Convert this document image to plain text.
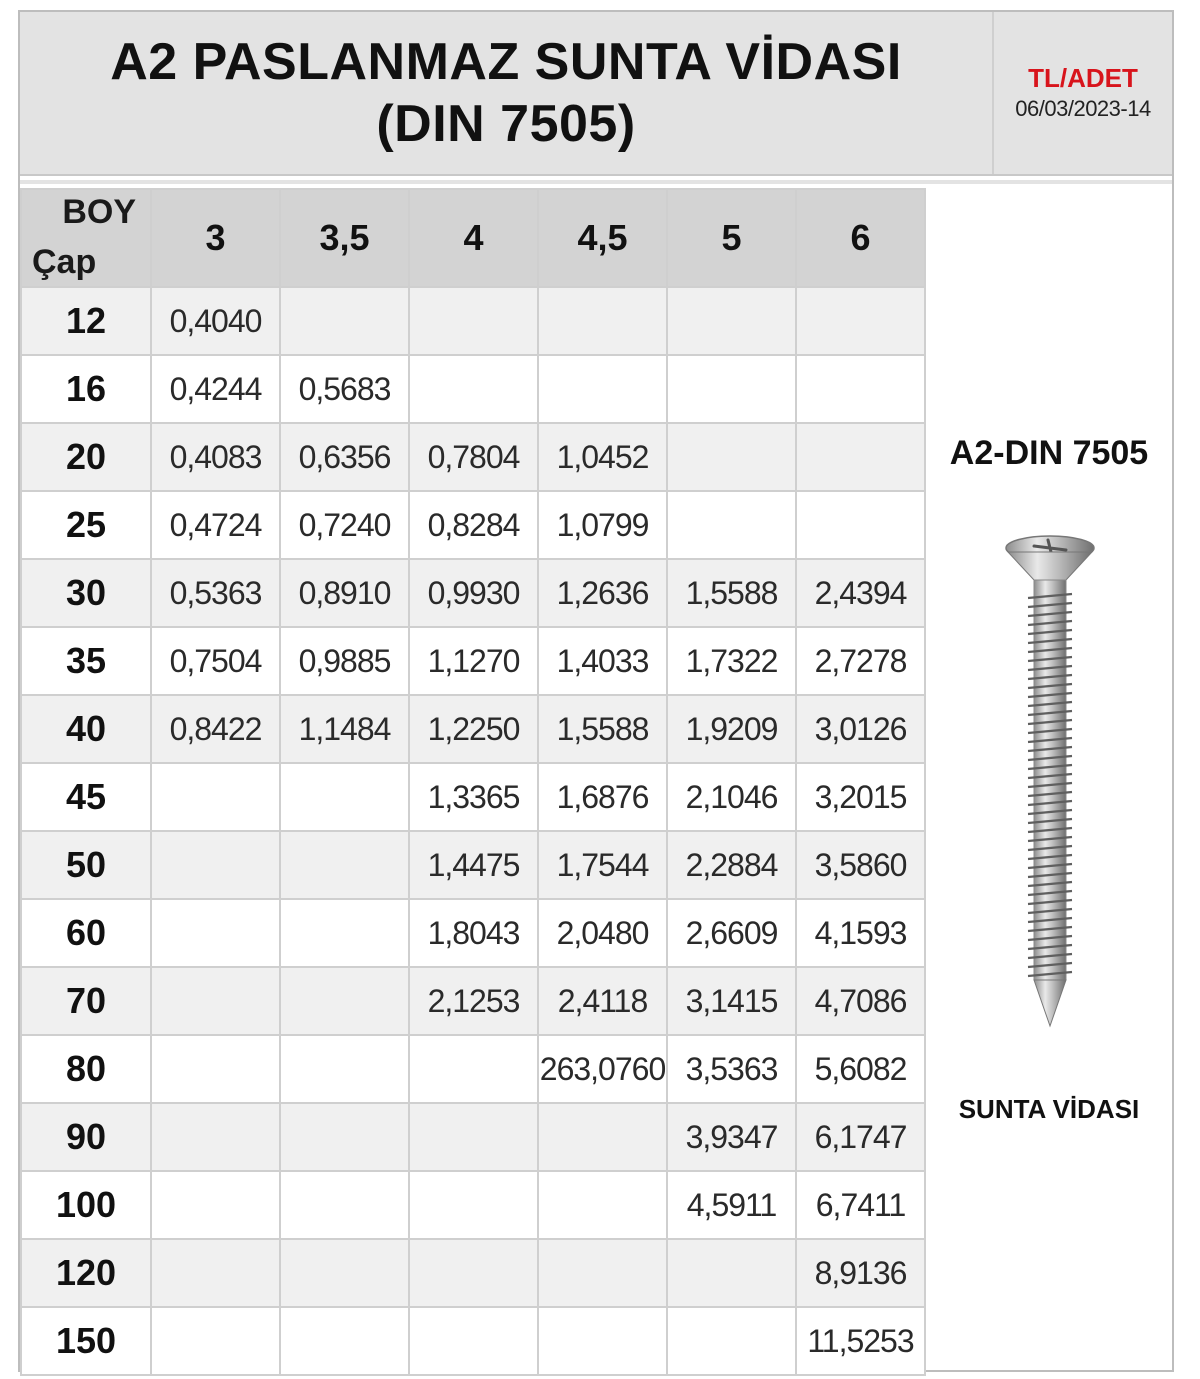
A2 PASLANMAZ SUNTA VİDASI
(DIN 7505)
TL/ADET
06/03/2023-14
BOY
Çap	3	3,5	4	4,5	5	6
12	0,4040					
16	0,4244	0,5683				
20	0,4083	0,6356	0,7804	1,0452		
25	0,4724	0,7240	0,8284	1,0799		
30	0,5363	0,8910	0,9930	1,2636	1,5588	2,4394
35	0,7504	0,9885	1,1270	1,4033	1,7322	2,7278
40	0,8422	1,1484	1,2250	1,5588	1,9209	3,0126
45			1,3365	1,6876	2,1046	3,2015
50			1,4475	1,7544	2,2884	3,5860
60			1,8043	2,0480	2,6609	4,1593
70			2,1253	2,4118	3,1415	4,7086
80				263,0760	3,5363	5,6082
90					3,9347	6,1747
100					4,5911	6,7411
120						8,9136
150						11,5253
A2-DIN 7505
SUNTA VİDASI
